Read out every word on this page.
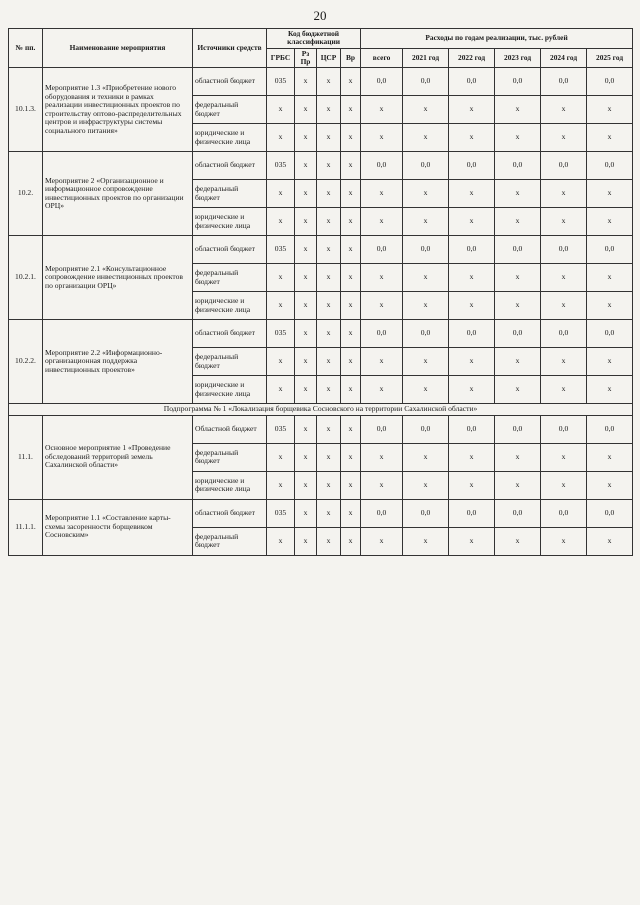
20
№ пп.	Наименование мероприятия	Источники средств	Код бюджетной классификации				Расходы по годам реализации, тыс. рублей					
			ГРБС	Рз Пр	ЦСР	Вр	всего	2021 год	2022 год	2023 год	2024 год	2025 год
10.1.3.	Мероприятие 1.3 «Приобретение нового оборудования и техники в рамках реализации инвестиционных проектов по строительству оптово-распределительных центров и инфраструктуры системы социального питания»	областной бюджет	035	x	x	x	0,0	0,0	0,0	0,0	0,0	0,0
		федеральный бюджет	x	x	x	x	x	x	x	x	x	x
		юридические и физические лица	x	x	x	x	x	x	x	x	x	x
10.2.	Мероприятие 2 «Организационное и информационное сопровождение инвестиционных проектов по организации ОРЦ»	областной бюджет	035	x	x	x	0,0	0,0	0,0	0,0	0,0	0,0
		федеральный бюджет	x	x	x	x	x	x	x	x	x	x
		юридические и физические лица	x	x	x	x	x	x	x	x	x	x
10.2.1.	Мероприятие 2.1 «Консультационное сопровождение инвестиционных проектов по организации ОРЦ»	областной бюджет	035	x	x	x	0,0	0,0	0,0	0,0	0,0	0,0
		федеральный бюджет	x	x	x	x	x	x	x	x	x	x
		юридические и физические лица	x	x	x	x	x	x	x	x	x	x
10.2.2.	Мероприятие 2.2 «Информационно-организационная поддержка инвестиционных проектов»	областной бюджет	035	x	x	x	0,0	0,0	0,0	0,0	0,0	0,0
		федеральный бюджет	x	x	x	x	x	x	x	x	x	x
		юридические и физические лица	x	x	x	x	x	x	x	x	x	x
Подпрограмма № 1 «Локализация борщевика Сосновского на территории Сахалинской области»												
11.1.	Основное мероприятие 1 «Проведение обследований территорий земель Сахалинской области»	Областной бюджет	035	x	x	x	0,0	0,0	0,0	0,0	0,0	0,0
		федеральный бюджет	x	x	x	x	x	x	x	x	x	x
		юридические и физические лица	x	x	x	x	x	x	x	x	x	x
11.1.1.	Мероприятие 1.1 «Составление карты-схемы засоренности борщевиком Сосновским»	областной бюджет	035	x	x	x	0,0	0,0	0,0	0,0	0,0	0,0
		федеральный бюджет	x	x	x	x	x	x	x	x	x	x
